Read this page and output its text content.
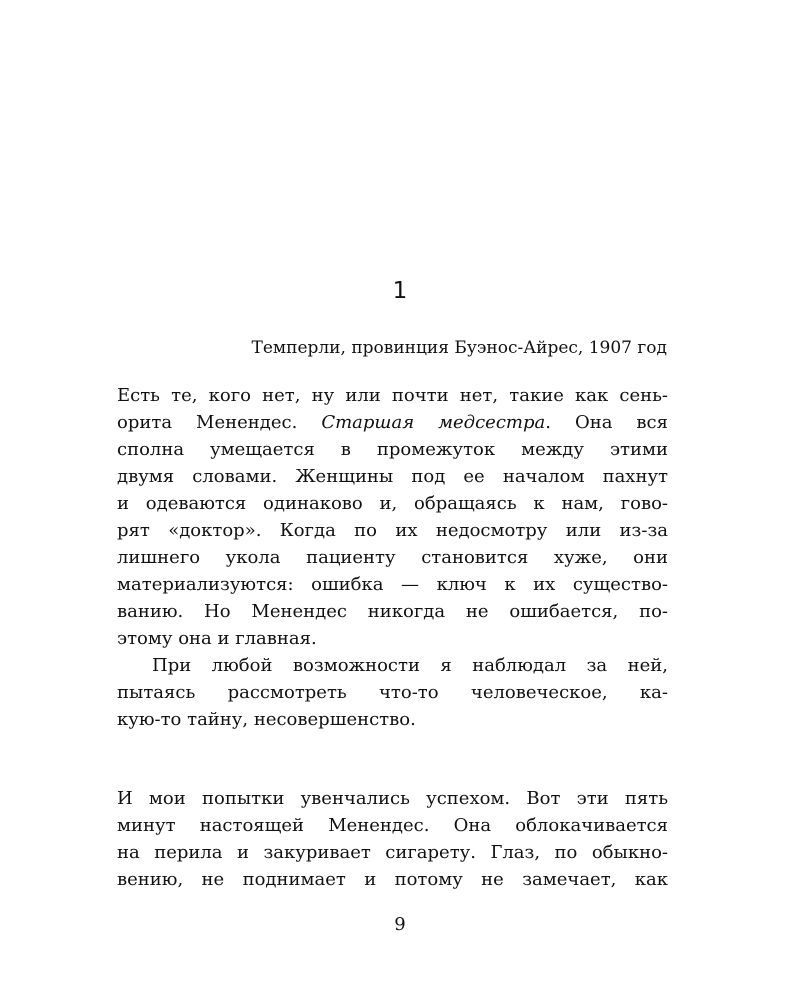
1
Темперли, провинция Буэнос-Айрес, 1907 год
Есть те, кого нет, ну или почти нет, такие как сень-
орита Менендес. Старшая медсестра. Она вся
сполна умещается в промежуток между этими
двумя словами. Женщины под ее началом пахнут
и одеваются одинаково и, обращаясь к нам, гово-
рят «доктор». Когда по их недосмотру или из-за
лишнего укола пациенту становится хуже, они
материализуются: ошибка — ключ к их существо-
ванию. Но Менендес никогда не ошибается, по-
этому она и главная.
При любой возможности я наблюдал за ней,
пытаясь рассмотреть что-то человеческое, ка-
кую-то тайну, несовершенство.
И мои попытки увенчались успехом. Вот эти пять
минут настоящей Менендес. Она облокачивается
на перила и закуривает сигарету. Глаз, по обыкно-
вению, не поднимает и потому не замечает, как
9
